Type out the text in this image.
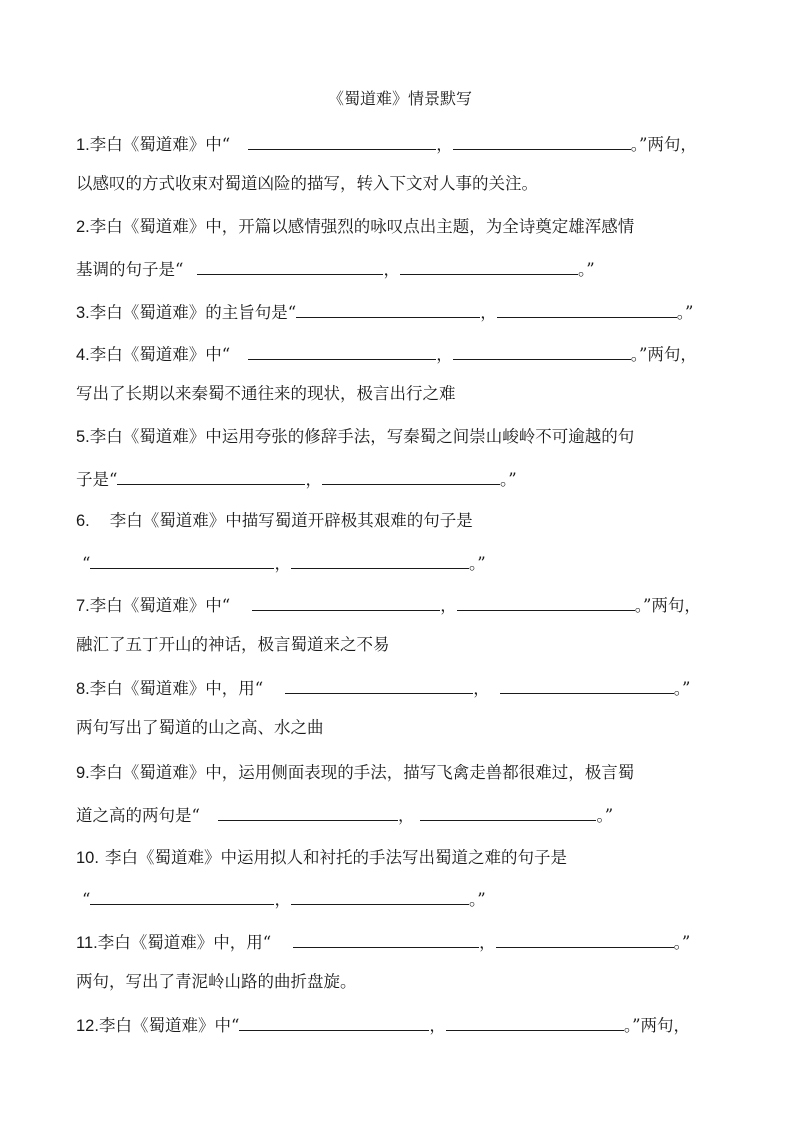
《蜀道难》情景默写
1.李白《蜀道难》中“	，	。”两句，
以感叹的方式收束对蜀道凶险的描写，转入下文对人事的关注。
2.李白《蜀道难》中，开篇以感情强烈的咏叹点出主题，为全诗奠定雄浑感情
基调的句子是“	，	。”
3.李白《蜀道难》的主旨句是“	，	。”
4.李白《蜀道难》中“	，	。”两句，
写出了长期以来秦蜀不通往来的现状，极言出行之难
5.李白《蜀道难》中运用夸张的修辞手法，写秦蜀之间崇山峻岭不可逾越的句
子是“	，	。”
6. 李白《蜀道难》中描写蜀道开辟极其艰难的句子是
“	，	。”
7.李白《蜀道难》中“	，	。”两句，
融汇了五丁开山的神话，极言蜀道来之不易
8.李白《蜀道难》中，用“	，	。”
两句写出了蜀道的山之高、水之曲
9.李白《蜀道难》中，运用侧面表现的手法，描写飞禽走兽都很难过，极言蜀
道之高的两句是“	，	。”
10. 李白《蜀道难》中运用拟人和衬托的手法写出蜀道之难的句子是
“	，	。”
11.李白《蜀道难》中，用“	，	。”
两句，写出了青泥岭山路的曲折盘旋。
12.李白《蜀道难》中“	，	。”两句，
